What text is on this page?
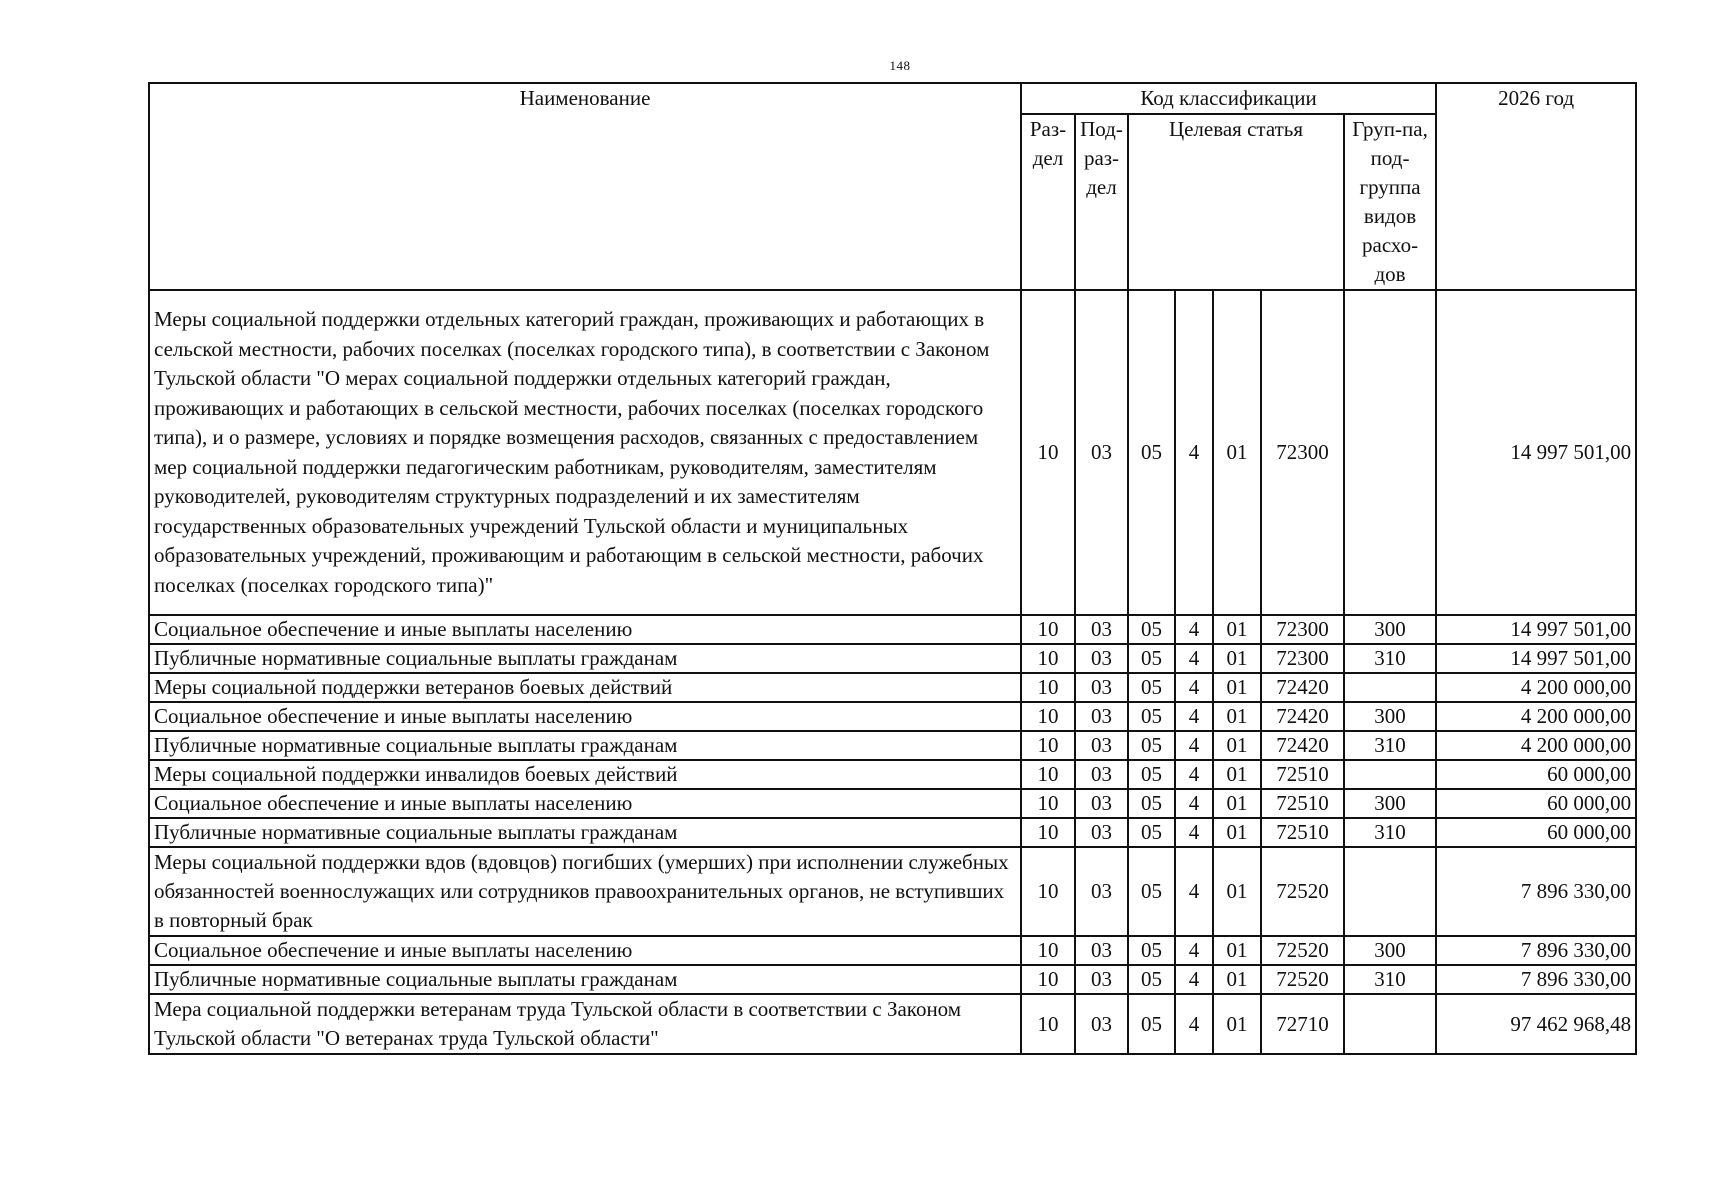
148
Наименование	Код классификации							2026 год
	Раз-дел	Под-раз-дел	Целевая статья				Груп-па, под-группа видов расхо-дов	
Меры социальной поддержки отдельных категорий граждан, проживающих и работающих в сельской местности, рабочих поселках (поселках городского типа), в соответствии с Законом Тульской области "О мерах социальной поддержки отдельных категорий граждан, проживающих и работающих в сельской местности, рабочих поселках (поселках городского типа), и о размере, условиях и порядке возмещения расходов, связанных с предоставлением мер социальной поддержки педагогическим работникам, руководителям, заместителям руководителей, руководителям структурных подразделений и их заместителям государственных образовательных учреждений Тульской области и муниципальных образовательных учреждений, проживающим и работающим в сельской местности, рабочих поселках (поселках городского типа)"	10	03	05	4	01	72300		14 997 501,00
Социальное обеспечение и иные выплаты населению	10	03	05	4	01	72300	300	14 997 501,00
Публичные нормативные социальные выплаты гражданам	10	03	05	4	01	72300	310	14 997 501,00
Меры социальной поддержки ветеранов боевых действий	10	03	05	4	01	72420		4 200 000,00
Социальное обеспечение и иные выплаты населению	10	03	05	4	01	72420	300	4 200 000,00
Публичные нормативные социальные выплаты гражданам	10	03	05	4	01	72420	310	4 200 000,00
Меры социальной поддержки инвалидов боевых действий	10	03	05	4	01	72510		60 000,00
Социальное обеспечение и иные выплаты населению	10	03	05	4	01	72510	300	60 000,00
Публичные нормативные социальные выплаты гражданам	10	03	05	4	01	72510	310	60 000,00
Меры социальной поддержки вдов (вдовцов) погибших (умерших) при исполнении служебных обязанностей военнослужащих или сотрудников правоохранительных органов, не вступивших в повторный брак	10	03	05	4	01	72520		7 896 330,00
Социальное обеспечение и иные выплаты населению	10	03	05	4	01	72520	300	7 896 330,00
Публичные нормативные социальные выплаты гражданам	10	03	05	4	01	72520	310	7 896 330,00
Мера социальной поддержки ветеранам труда Тульской области в соответствии с Законом Тульской области "О ветеранах труда Тульской области"	10	03	05	4	01	72710		97 462 968,48
